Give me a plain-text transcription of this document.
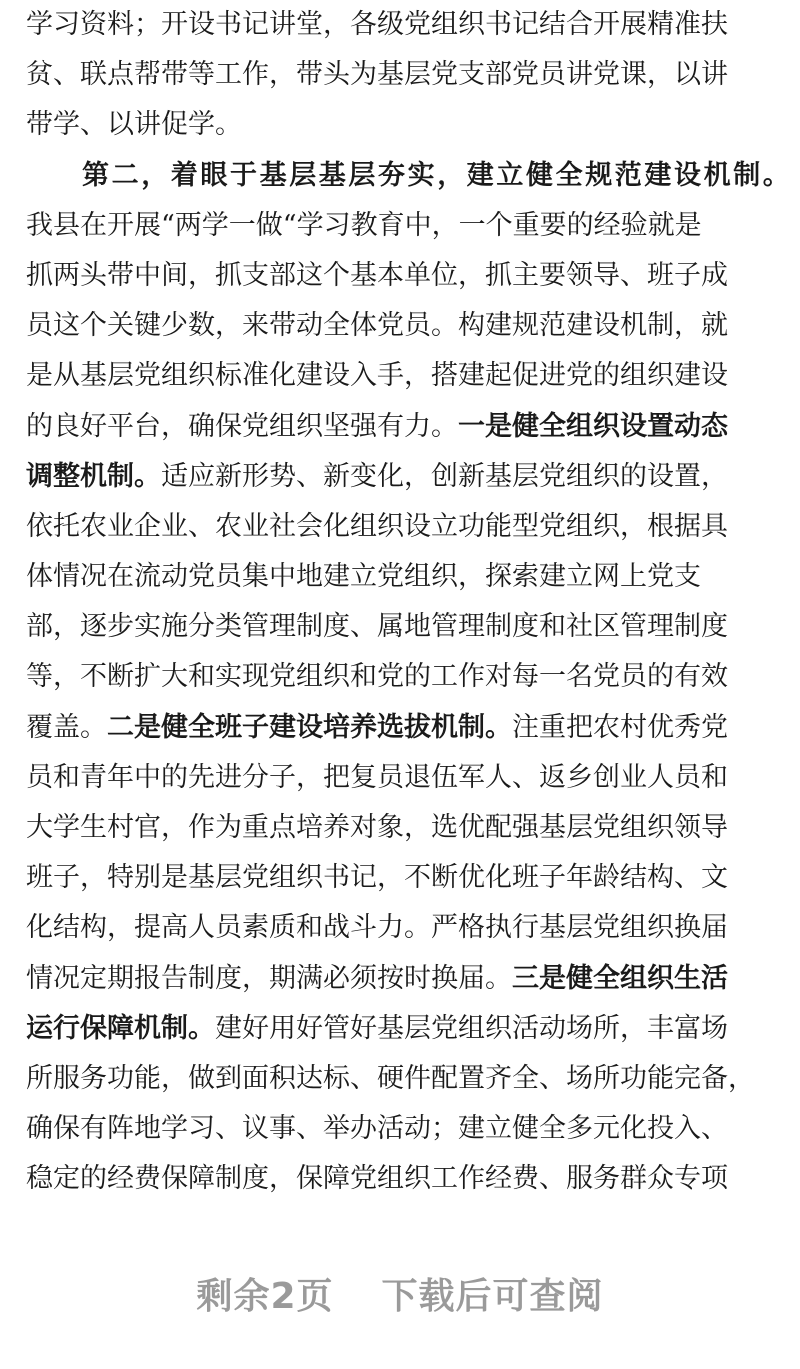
学习资料；开设书记讲堂，各级党组织书记结合开展精准扶
贫、联点帮带等工作，带头为基层党支部党员讲党课，以讲
带学、以讲促学。
第二，着眼于基层基层夯实，建立健全规范建设机制。
我县在开展“两学一做“学习教育中，一个重要的经验就是
抓两头带中间，抓支部这个基本单位，抓主要领导、班子成
员这个关键少数，来带动全体党员。构建规范建设机制，就
是从基层党组织标准化建设入手，搭建起促进党的组织建设
的良好平台，确保党组织坚强有力。 一是健全组织设置动态
调整机制。 适应新形势、新变化，创新基层党组织的设置，
依托农业企业、农业社会化组织设立功能型党组织，根据具
体情况在流动党员集中地建立党组织，探索建立网上党支
部，逐步实施分类管理制度、属地管理制度和社区管理制度
等，不断扩大和实现党组织和党的工作对每一名党员的有效
覆盖。 二是健全班子建设培养选拔机制。 注重把农村优秀党
员和青年中的先进分子，把复员退伍军人、返乡创业人员和
大学生村官，作为重点培养对象，选优配强基层党组织领导
班子，特别是基层党组织书记，不断优化班子年龄结构、文
化结构，提高人员素质和战斗力。严格执行基层党组织换届
情况定期报告制度，期满必须按时换届。 三是健全组织生活
运行保障机制。 建好用好管好基层党组织活动场所，丰富场
所服务功能，做到面积达标、硬件配置齐全、场所功能完备，
确保有阵地学习、议事、举办活动；建立健全多元化投入、
稳定的经费保障制度，保障党组织工作经费、服务群众专项
剩余2页 下载后可查阅
